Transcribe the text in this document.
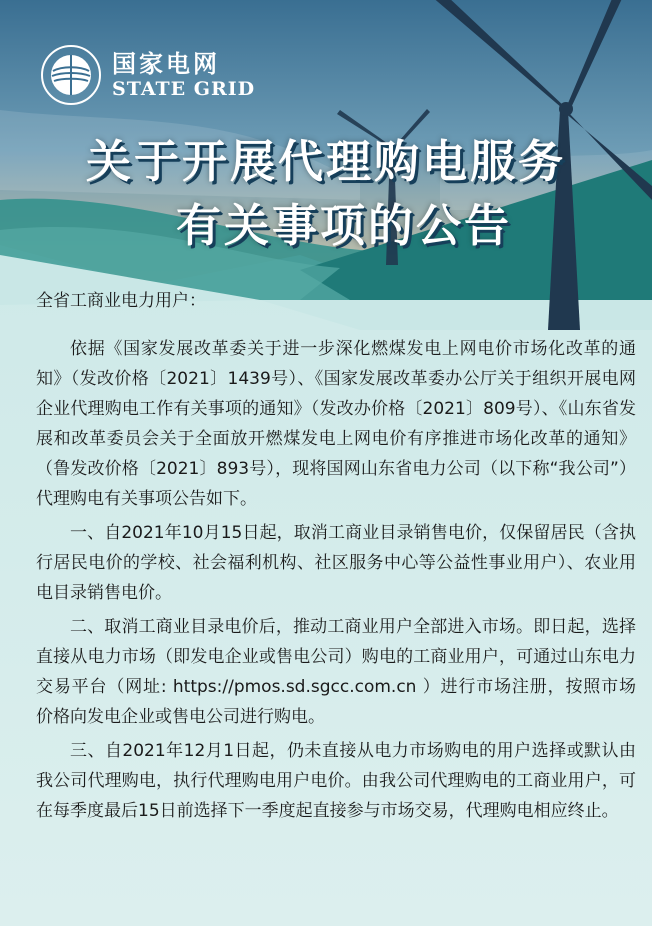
国家电网
STATE GRID
关于开展代理购电服务
有关事项的公告

全省工商业电力用户：

依据《国家发展改革委关于进一步深化燃煤发电上网电价市场化改革的通知》（发改价格〔2021〕1439号）、《国家发展改革委办公厅关于组织开展电网企业代理购电工作有关事项的通知》（发改办价格〔2021〕809号）、《山东省发展和改革委员会关于全面放开燃煤发电上网电价有序推进市场化改革的通知》（鲁发改价格〔2021〕893号），现将国网山东省电力公司（以下称“我公司”）代理购电有关事项公告如下。

一、自2021年10月15日起，取消工商业目录销售电价，仅保留居民（含执行居民电价的学校、社会福利机构、社区服务中心等公益性事业用户）、农业用电目录销售电价。

二、取消工商业目录电价后，推动工商业用户全部进入市场。即日起，选择直接从电力市场（即发电企业或售电公司）购电的工商业用户，可通过山东电力交易平台（网址: https://pmos.sd.sgcc.com.cn ）进行市场注册，按照市场价格向发电企业或售电公司进行购电。

三、自2021年12月1日起，仍未直接从电力市场购电的用户选择或默认由我公司代理购电，执行代理购电用户电价。由我公司代理购电的工商业用户，可在每季度最后15日前选择下一季度起直接参与市场交易，代理购电相应终止。
